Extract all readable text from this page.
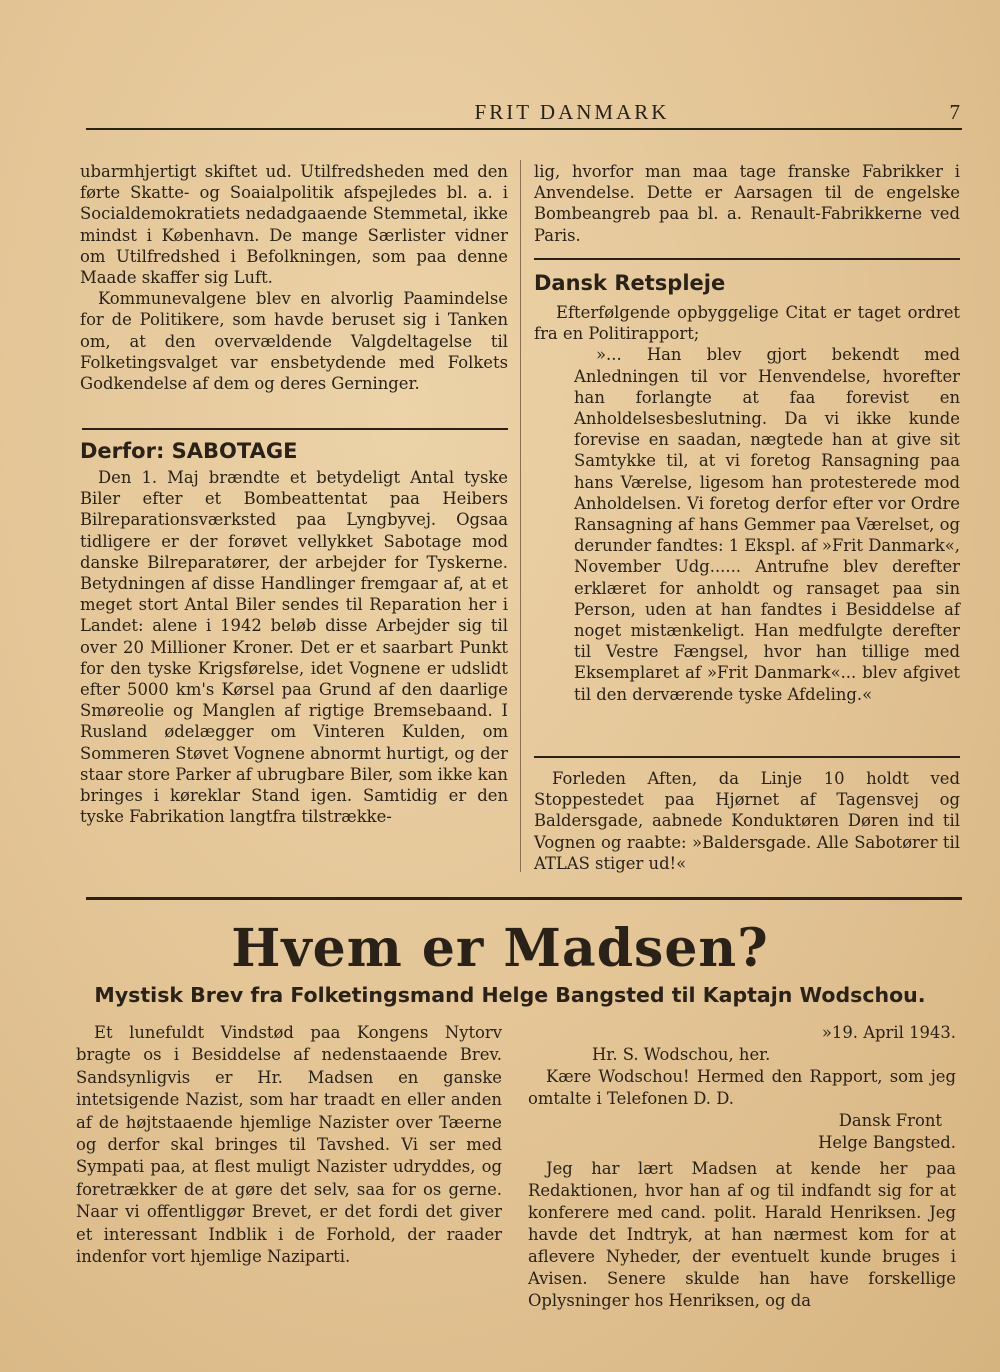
FRIT DANMARK	7

ubarmhjertigt skiftet ud. Utilfredsheden med den førte Skatte- og Soaialpolitik afspejledes bl. a. i Socialdemokratiets nedadgaaende Stemmetal, ikke mindst i København. De mange Særlister vidner om Utilfredshed i Befolkningen, som paa denne Maade skaffer sig Luft.

Kommunevalgene blev en alvorlig Paamindelse for de Politikere, som havde beruset sig i Tanken om, at den overvældende Valgdeltagelse til Folketingsvalget var ensbetydende med Folkets Godkendelse af dem og deres Gerninger.

Derfor: SABOTAGE

Den 1. Maj brændte et betydeligt Antal tyske Biler efter et Bombeattentat paa Heibers Bilreparationsværksted paa Lyngbyvej. Ogsaa tidligere er der forøvet vellykket Sabotage mod danske Bilreparatører, der arbejder for Tyskerne. Betydningen af disse Handlinger fremgaar af, at et meget stort Antal Biler sendes til Reparation her i Landet: alene i 1942 beløb disse Arbejder sig til over 20 Millioner Kroner. Det er et saarbart Punkt for den tyske Krigsførelse, idet Vognene er udslidt efter 5000 km's Kørsel paa Grund af den daarlige Smøreolie og Manglen af rigtige Bremsebaand. I Rusland ødelægger om Vinteren Kulden, om Sommeren Støvet Vognene abnormt hurtigt, og der staar store Parker af ubrugbare Biler, som ikke kan bringes i køreklar Stand igen. Samtidig er den tyske Fabrikation langtfra tilstrække-

lig, hvorfor man maa tage franske Fabrikker i Anvendelse. Dette er Aarsagen til de engelske Bombeangreb paa bl. a. Renault-Fabrikkerne ved Paris.

Dansk Retspleje

Efterfølgende opbyggelige Citat er taget ordret fra en Politirapport;

»... Han blev gjort bekendt med Anledningen til vor Henvendelse, hvorefter han forlangte at faa forevist en Anholdelsesbeslutning. Da vi ikke kunde forevise en saadan, nægtede han at give sit Samtykke til, at vi foretog Ransagning paa hans Værelse, ligesom han protesterede mod Anholdelsen. Vi foretog derfor efter vor Ordre Ransagning af hans Gemmer paa Værelset, og derunder fandtes: 1 Ekspl. af »Frit Danmark«, November Udg...... Antrufne blev derefter erklæret for anholdt og ransaget paa sin Person, uden at han fandtes i Besiddelse af noget mistænkeligt. Han medfulgte derefter til Vestre Fængsel, hvor han tillige med Eksemplaret af »Frit Danmark«... blev afgivet til den derværende tyske Afdeling.«

Forleden Aften, da Linje 10 holdt ved Stoppestedet paa Hjørnet af Tagensvej og Baldersgade, aabnede Konduktøren Døren ind til Vognen og raabte: »Baldersgade. Alle Sabotører til ATLAS stiger ud!«

Hvem er Madsen?
Mystisk Brev fra Folketingsmand Helge Bangsted til Kaptajn Wodschou.

Et lunefuldt Vindstød paa Kongens Nytorv bragte os i Besiddelse af nedenstaaende Brev. Sandsynligvis er Hr. Madsen en ganske intetsigende Nazist, som har traadt en eller anden af de højtstaaende hjemlige Nazister over Tæerne og derfor skal bringes til Tavshed. Vi ser med Sympati paa, at flest muligt Nazister udryddes, og foretrækker de at gøre det selv, saa for os gerne. Naar vi offentliggør Brevet, er det fordi det giver et interessant Indblik i de Forhold, der raader indenfor vort hjemlige Naziparti.

»19. April 1943.
Hr. S. Wodschou, her.

Kære Wodschou! Hermed den Rapport, som jeg omtalte i Telefonen D. D.

Dansk Front
Helge Bangsted.

Jeg har lært Madsen at kende her paa Redaktionen, hvor han af og til indfandt sig for at konferere med cand. polit. Harald Henriksen. Jeg havde det Indtryk, at han nærmest kom for at aflevere Nyheder, der eventuelt kunde bruges i Avisen. Senere skulde han have forskellige Oplysninger hos Henriksen, og da
